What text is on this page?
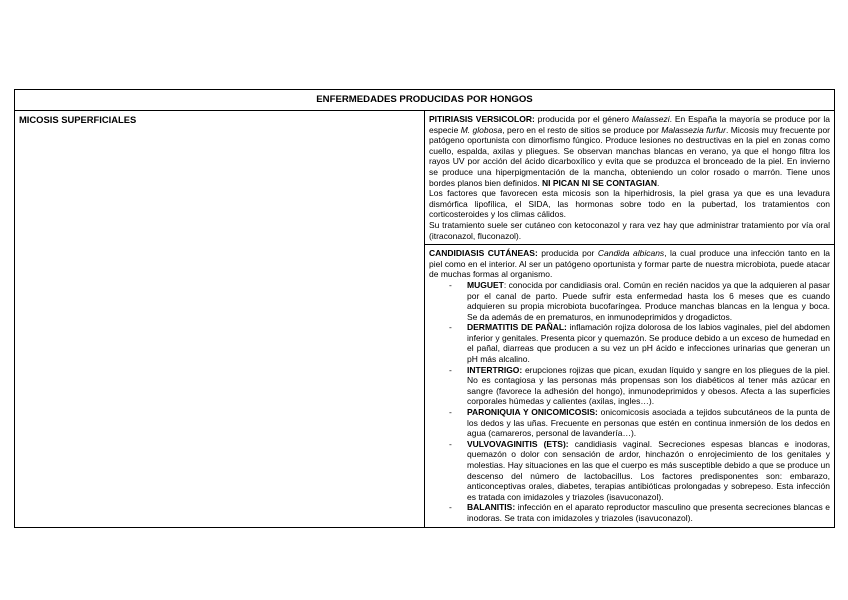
ENFERMEDADES PRODUCIDAS POR HONGOS
MICOSIS SUPERFICIALES	PITIRIASIS VERSICOLOR: producida por el género Malassezi. En España la mayoría se produce por la especie M. globosa, pero en el resto de sitios se produce por Malassezia furfur. Micosis muy frecuente por patógeno oportunista con dimorfismo fúngico. Produce lesiones no destructivas en la piel en zonas como cuello, espalda, axilas y pliegues. Se observan manchas blancas en verano, ya que el hongo filtra los rayos UV por acción del ácido dicarboxílico y evita que se produzca el bronceado de la piel. En invierno se produce una hiperpigmentación de la mancha, obteniendo un color rosado o marrón. Tiene unos bordes planos bien definidos. NI PICAN NI SE CONTAGIAN.

Los factores que favorecen esta micosis son la hiperhidrosis, la piel grasa ya que es una levadura dismórfica lipofílica, el SIDA, las hormonas sobre todo en la pubertad, los tratamientos con corticosteroides y los climas cálidos.

Su tratamiento suele ser cutáneo con ketoconazol y rara vez hay que administrar tratamiento por vía oral (itraconazol, fluconazol).

CANDIDIASIS CUTÁNEAS: producida por Candida albicans, la cual produce una infección tanto en la piel como en el interior. Al ser un patógeno oportunista y formar parte de nuestra microbiota, puede atacar de muchas formas al organismo.

- MUGUET: conocida por candidiasis oral. Común en recién nacidos ya que la adquieren al pasar por el canal de parto. Puede sufrir esta enfermedad hasta los 6 meses que es cuando adquieren su propia microbiota bucofaríngea. Produce manchas blancas en la lengua y boca. Se da además de en prematuros, en inmunodeprimidos y drogadictos.
- DERMATITIS DE PAÑAL: inflamación rojiza dolorosa de los labios vaginales, piel del abdomen inferior y genitales. Presenta picor y quemazón. Se produce debido a un exceso de humedad en el pañal, diarreas que producen a su vez un pH ácido e infecciones urinarias que generan un pH más alcalino.
- INTERTRIGO: erupciones rojizas que pican, exudan líquido y sangre en los pliegues de la piel. No es contagiosa y las personas más propensas son los diabéticos al tener más azúcar en sangre (favorece la adhesión del hongo), inmunodeprimidos y obesos. Afecta a las superficies corporales húmedas y calientes (axilas, ingles…).
- PARONIQUIA Y ONICOMICOSIS: onicomicosis asociada a tejidos subcutáneos de la punta de los dedos y las uñas. Frecuente en personas que estén en continua inmersión de los dedos en agua (camareros, personal de lavandería…).
- VULVOVAGINITIS (ETS): candidiasis vaginal. Secreciones espesas blancas e inodoras, quemazón o dolor con sensación de ardor, hinchazón o enrojecimiento de los genitales y molestias. Hay situaciones en las que el cuerpo es más susceptible debido a que se produce un descenso del número de lactobacillus. Los factores predisponentes son: embarazo, anticonceptivas orales, diabetes, terapias antibióticas prolongadas y sobrepeso. Esta infección es tratada con imidazoles y triazoles (isavuconazol).
- BALANITIS: infección en el aparato reproductor masculino que presenta secreciones blancas e inodoras. Se trata con imidazoles y triazoles (isavuconazol).
